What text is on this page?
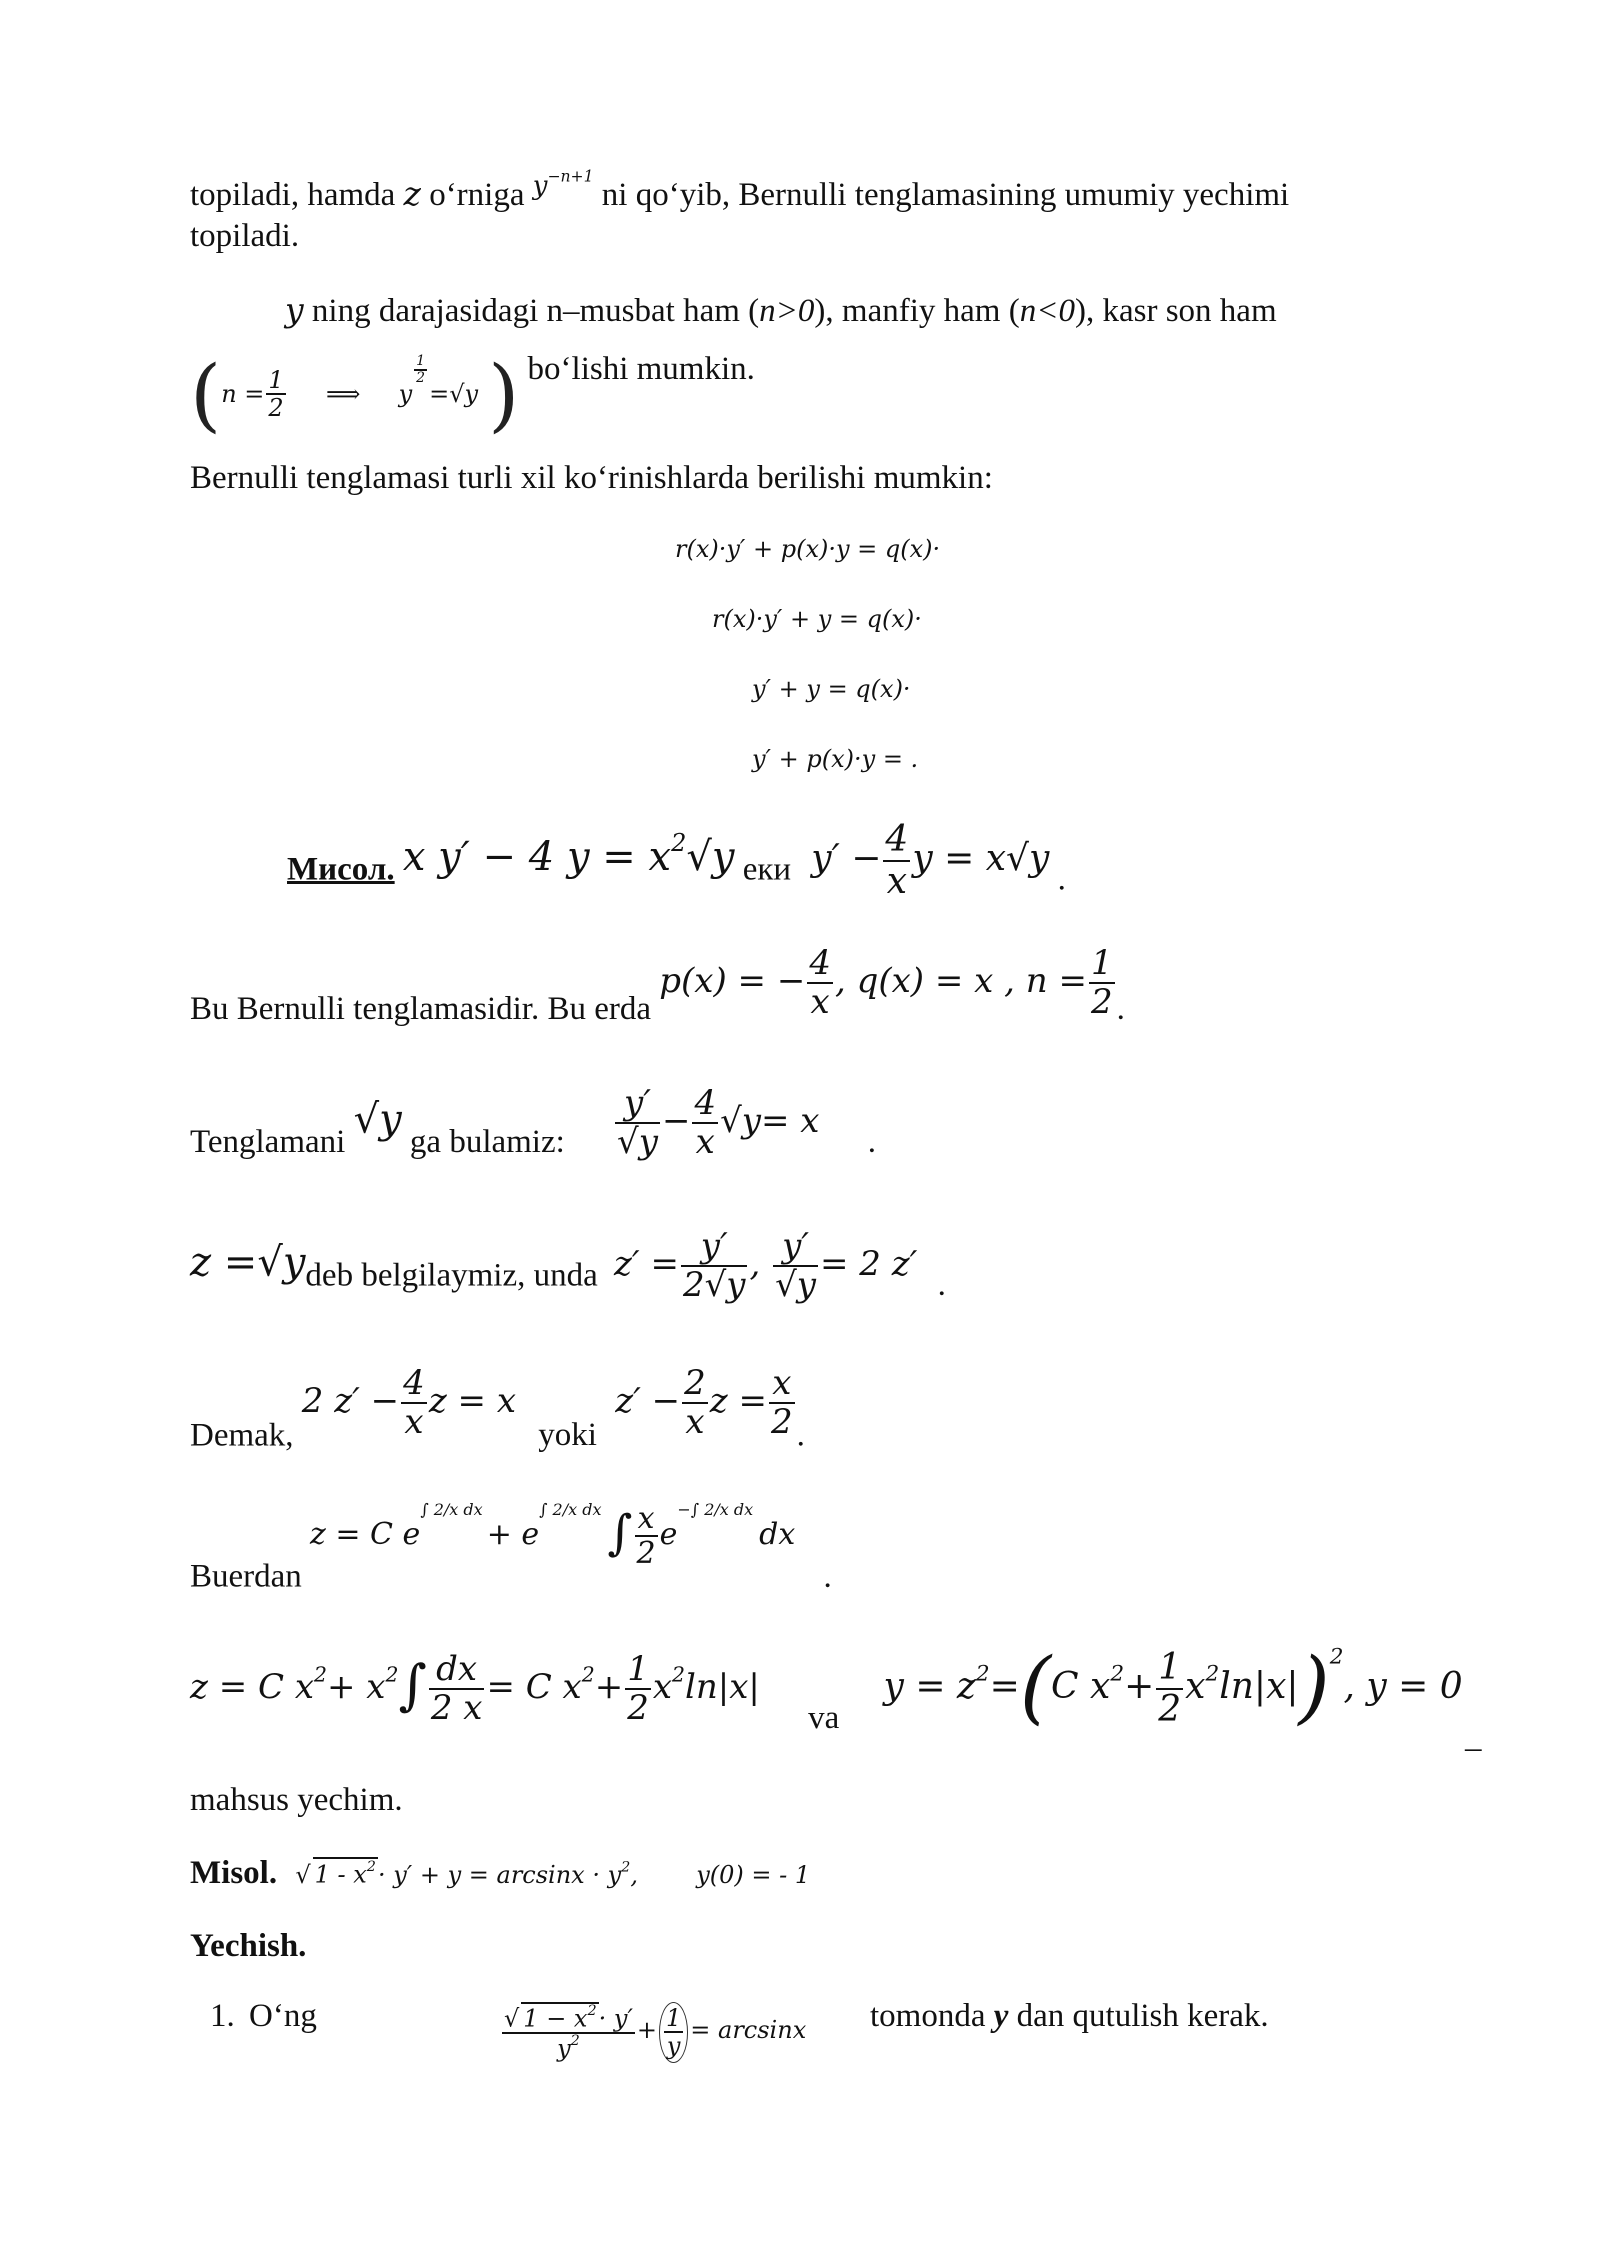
topiladi, hamda z o‘rniga $^{y^{-n+1}}$ ni qo‘yib, Bernulli tenglamasining umumiy yechimi
topiladi.
y ning darajasidagi n–musbat ham (n>0), manfiy ham (n<0), kasr son ham
($n = \frac{1}{2}$ ⟹ y
$\frac{1}{2}$
=√y ) bo‘lishi mumkin.
Bernulli tenglamasi turli xil ko‘rinishlarda berilishi mumkin:
r(x)·y′ + p(x)·y = q(x)·
r(x)·y′ + y = q(x)·
y′ + y = q(x)·
y′ + p(x)·y = .
Мисол. x y′ − 4 $y = x^2√y$ еки $y' - \frac{4}{x}$ y = x√y .
Bu Bernulli tenglamasidir. Bu erda p(x) = − $\frac{4}{x}$ , q(x) = x , $n = \frac{1}{2}$ .
Tenglamani √y ga bulamiz: $\frac{y'}{√y} - \frac{4}{x} √y= x$ .
z =√ydeb belgilaymiz, unda $z' = \frac{y'}{2√y}$ , $\frac{y'}{√y} = 2$ z′ .
Demak, 2 $z' - \frac{4}{x}$ z = x yoki $z' - \frac{2}{x}$ $z = \frac{x}{2}$ .
Buerdan z = C $e^{\int 2/x dx}+ e^{\int 2/x dx}$ ∫ $\frac{x}{2} e^{-\int 2/x dx}dx$ .
z = C $x^2+ x^2\int \frac{dx}{2 x} = C$ $x^2+ \frac{1}{2} x^2\ln|x|$ va $y = z^2=(C$ $x^2+ \frac{1}{2} x^2\ln|x|)^2$, y = 0
–
mahsus yechim.
Misol. √ $1 - x^2\cdot y' + y = \arcsin x \cdot y^2$, y(0) = - 1
Yechish.
1. O‘ng	$\frac{√ 1 - x^2\cdot y'}{y^2} + \frac{1}{y} = \arcsin x$ tomonda y dan qutulish kerak.
